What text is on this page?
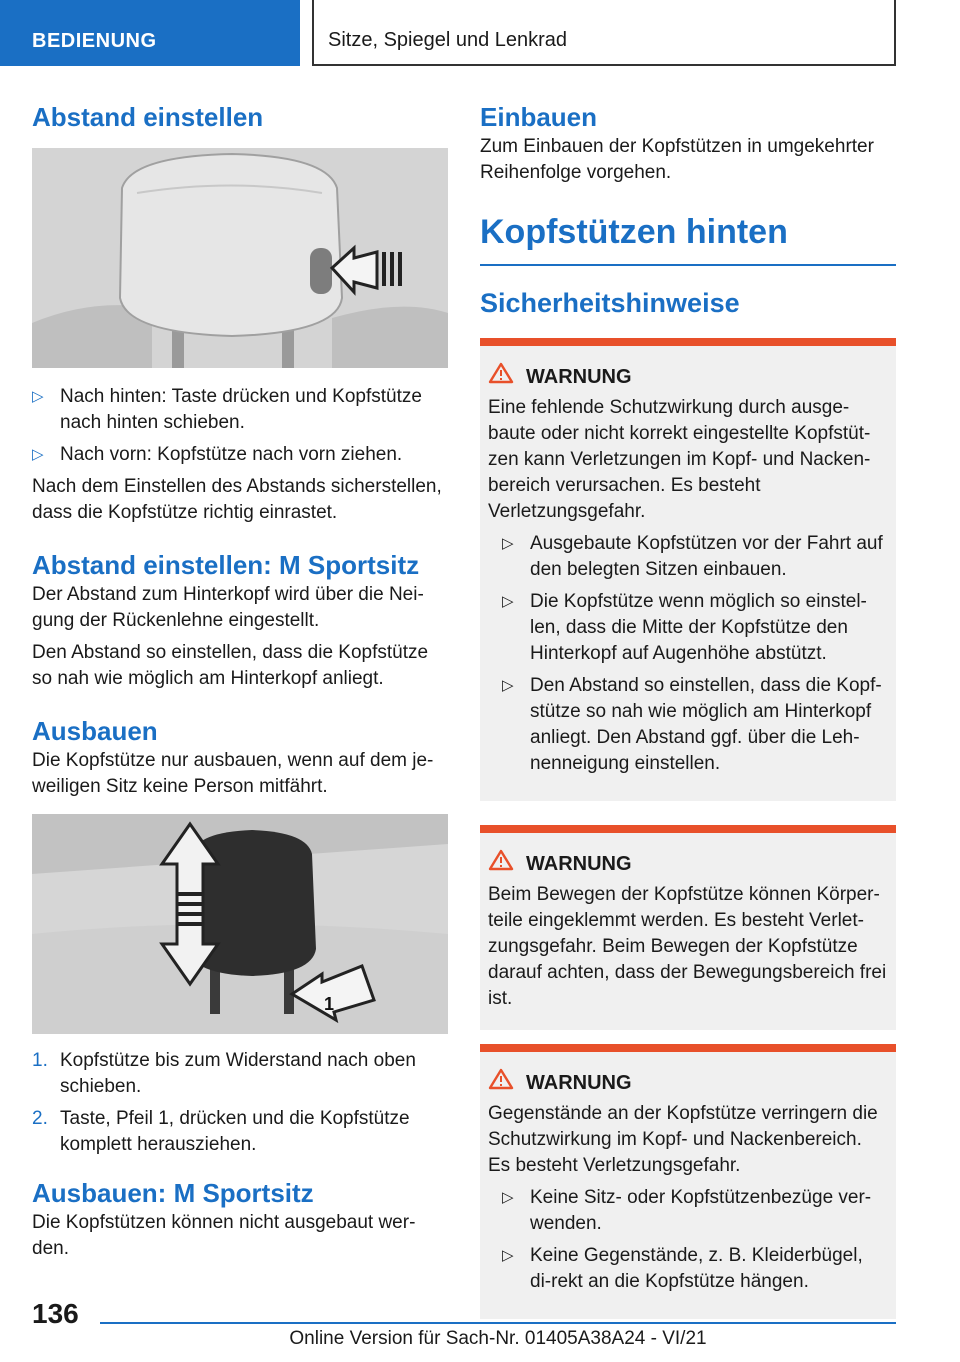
BEDIENUNG	Sitze, Spiegel und Lenkrad
Abstand einstellen
▷ Nach hinten: Taste drücken und Kopfstütze nach hinten schieben.
▷ Nach vorn: Kopfstütze nach vorn ziehen.

Nach dem Einstellen des Abstands sicherstellen, dass die Kopfstütze richtig einrastet.

Abstand einstellen: M Sportsitz

Der Abstand zum Hinterkopf wird über die Nei-gung der Rückenlehne eingestellt.

Den Abstand so einstellen, dass die Kopfstütze so nah wie möglich am Hinterkopf anliegt.

Ausbauen

Die Kopfstütze nur ausbauen, wenn auf dem je-weiligen Sitz keine Person mitfährt.

1
1. Kopfstütze bis zum Widerstand nach oben schieben.
2. Taste, Pfeil 1, drücken und die Kopfstütze komplett herausziehen.
Ausbauen: M Sportsitz

Die Kopfstützen können nicht ausgebaut wer-den.

Einbauen

Zum Einbauen der Kopfstützen in umgekehrter Reihenfolge vorgehen.

Kopfstützen hinten
Sicherheitshinweise
WARNUNG

Eine fehlende Schutzwirkung durch ausge-baute oder nicht korrekt eingestellte Kopfstüt-zen kann Verletzungen im Kopf- und Nacken-bereich verursachen. Es besteht Verletzungsgefahr.

▷ Ausgebaute Kopfstützen vor der Fahrt auf den belegten Sitzen einbauen.
▷ Die Kopfstütze wenn möglich so einstel-len, dass die Mitte der Kopfstütze den Hinterkopf auf Augenhöhe abstützt.
▷ Den Abstand so einstellen, dass die Kopf-stütze so nah wie möglich am Hinterkopf anliegt. Den Abstand ggf. über die Leh-nenneigung einstellen.
WARNUNG

Beim Bewegen der Kopfstütze können Körper-teile eingeklemmt werden. Es besteht Verlet-zungsgefahr. Beim Bewegen der Kopfstütze darauf achten, dass der Bewegungsbereich frei ist.

WARNUNG

Gegenstände an der Kopfstütze verringern die Schutzwirkung im Kopf- und Nackenbereich. Es besteht Verletzungsgefahr.

▷ Keine Sitz- oder Kopfstützenbezüge ver-wenden.
▷ Keine Gegenstände, z. B. Kleiderbügel, di-rekt an die Kopfstütze hängen.
136
Online Version für Sach-Nr. 01405A38A24 - VI/21
